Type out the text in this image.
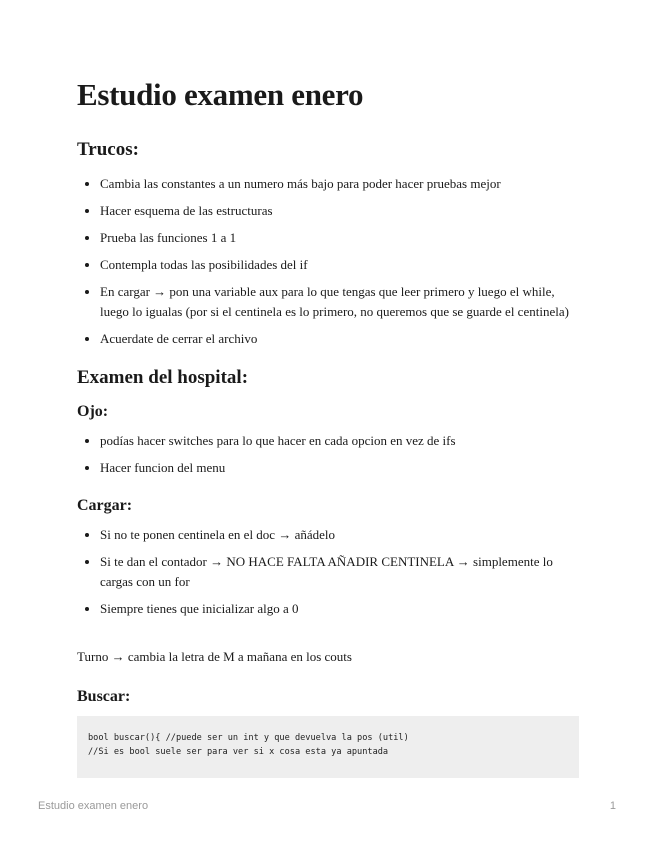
Estudio examen enero
Trucos:
• Cambia las constantes a un numero más bajo para poder hacer pruebas mejor
• Hacer esquema de las estructuras
• Prueba las funciones 1 a 1
• Contempla todas las posibilidades del if
• En cargar → pon una variable aux para lo que tengas que leer primero y luego el while, luego lo igualas (por si el centinela es lo primero, no queremos que se guarde el centinela)
• Acuerdate de cerrar el archivo
Examen del hospital:
Ojo:
• podías hacer switches para lo que hacer en cada opcion en vez de ifs
• Hacer funcion del menu
Cargar:
• Si no te ponen centinela en el doc → añádelo
• Si te dan el contador → NO HACE FALTA AÑADIR CENTINELA → simplemente lo cargas con un for
• Siempre tienes que inicializar algo a 0

Turno → cambia la letra de M a mañana en los couts

Buscar:
bool buscar(){ //puede ser un int y que devuelva la pos (util)
//Si es bool suele ser para ver si x cosa esta ya apuntada
Estudio examen enero	1
